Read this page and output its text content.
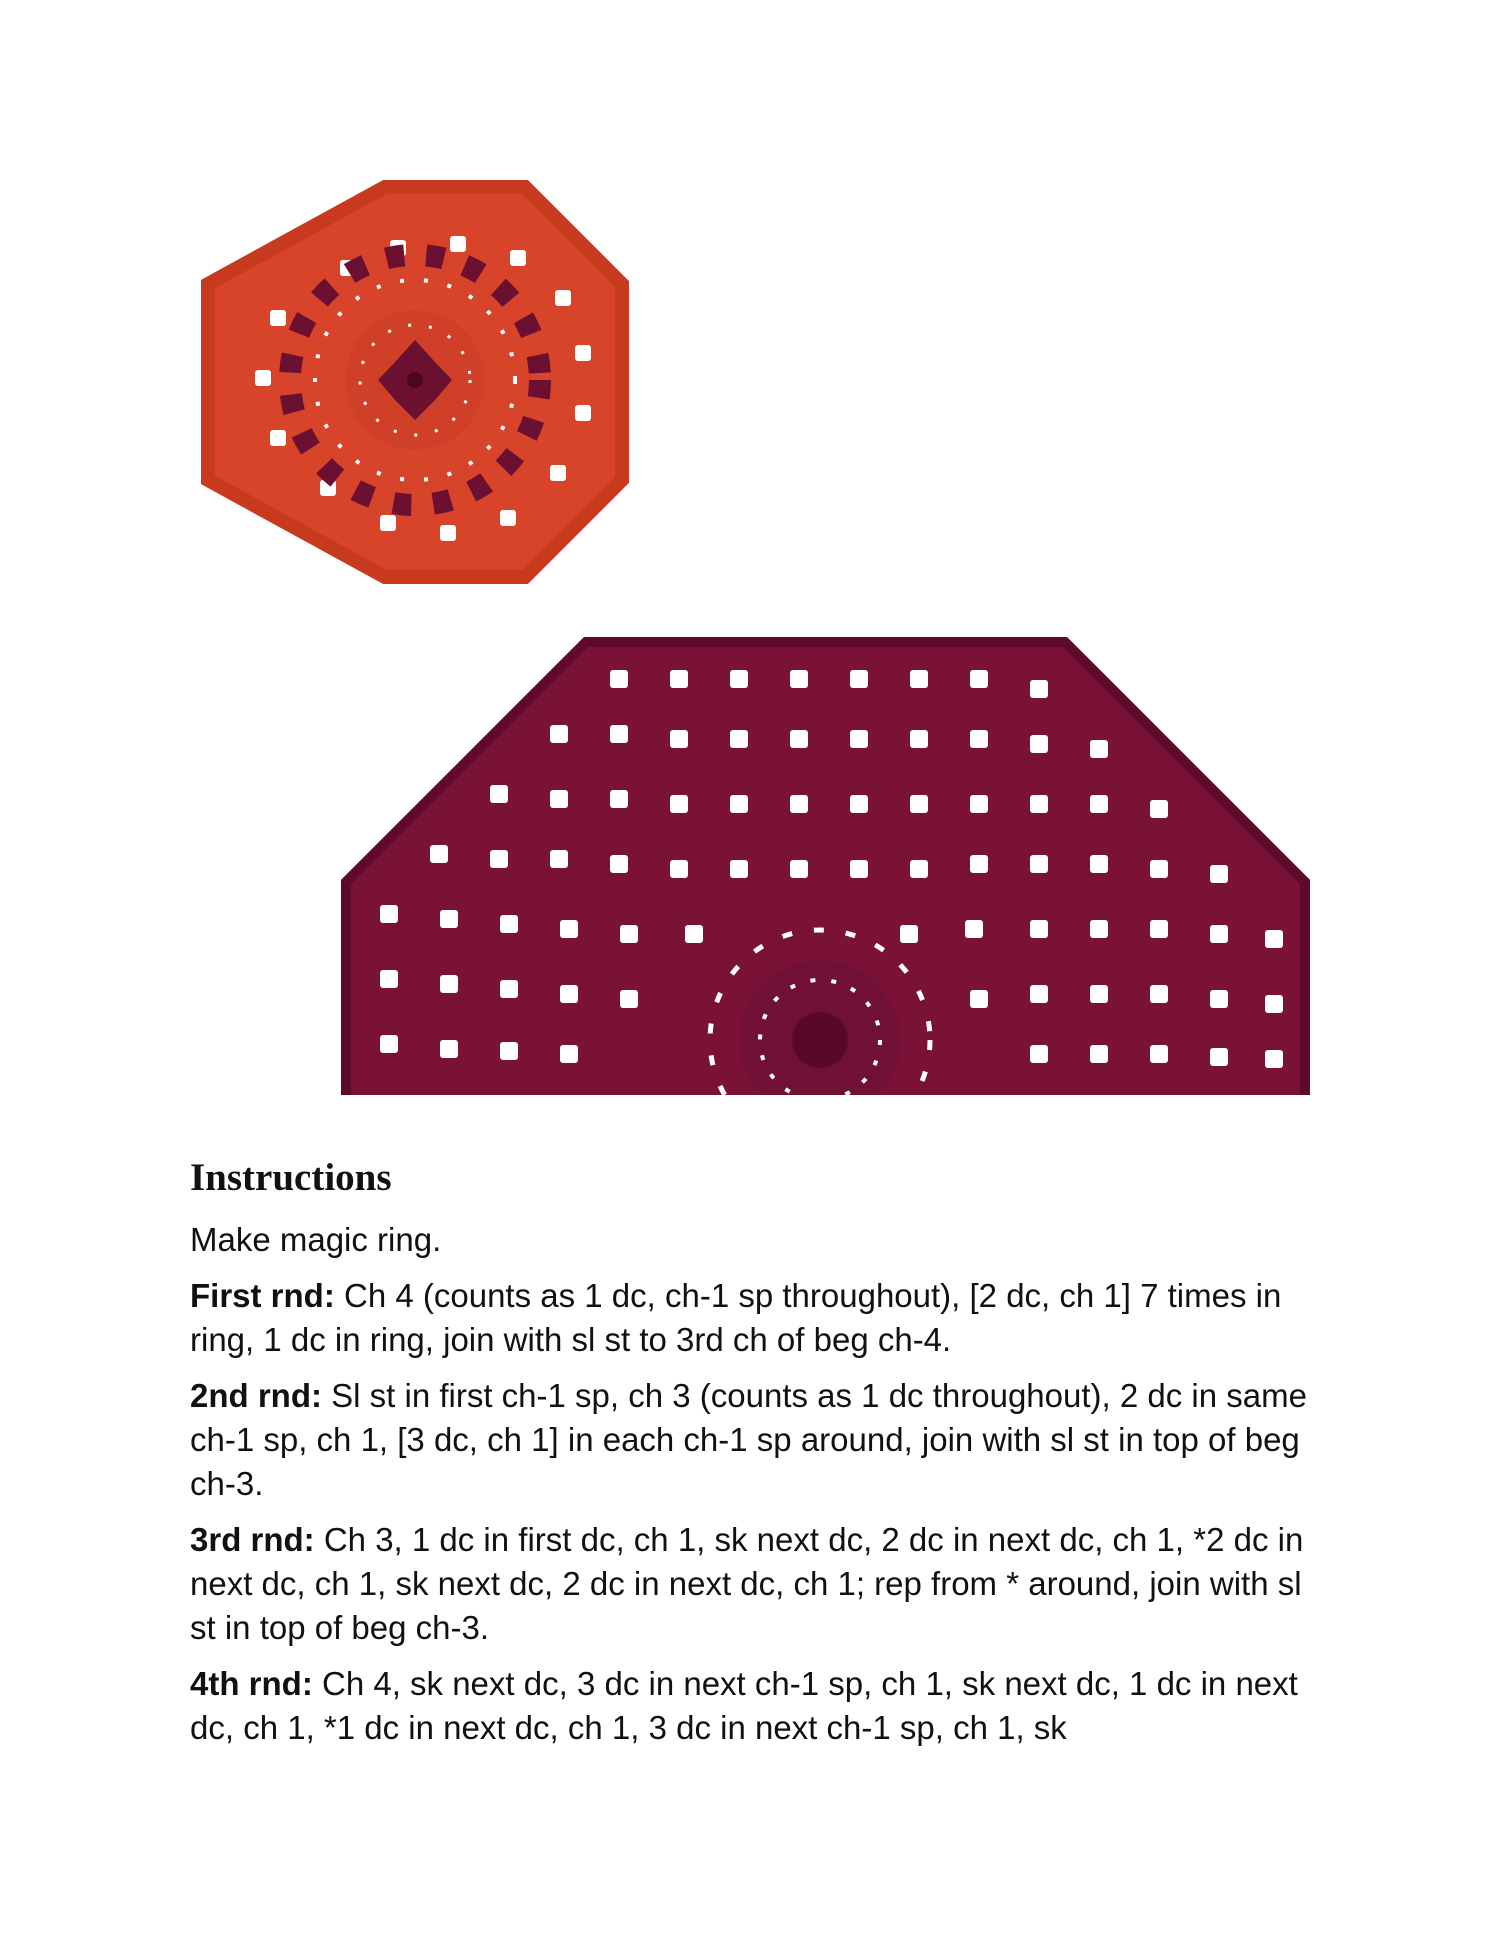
Instructions

Make magic ring.

First rnd: Ch 4 (counts as 1 dc, ch-1 sp throughout), [2 dc, ch 1] 7 times in ring, 1 dc in ring, join with sl st to 3rd ch of beg ch-4.

2nd rnd: Sl st in first ch-1 sp, ch 3 (counts as 1 dc throughout), 2 dc in same ch-1 sp, ch 1, [3 dc, ch 1] in each ch-1 sp around, join with sl st in top of beg ch-3.

3rd rnd: Ch 3, 1 dc in first dc, ch 1, sk next dc, 2 dc in next dc, ch 1, *2 dc in next dc, ch 1, sk next dc, 2 dc in next dc, ch 1; rep from * around, join with sl st in top of beg ch-3.

4th rnd: Ch 4, sk next dc, 3 dc in next ch-1 sp, ch 1, sk next dc, 1 dc in next dc, ch 1, *1 dc in next dc, ch 1, 3 dc in next ch-1 sp, ch 1, sk
